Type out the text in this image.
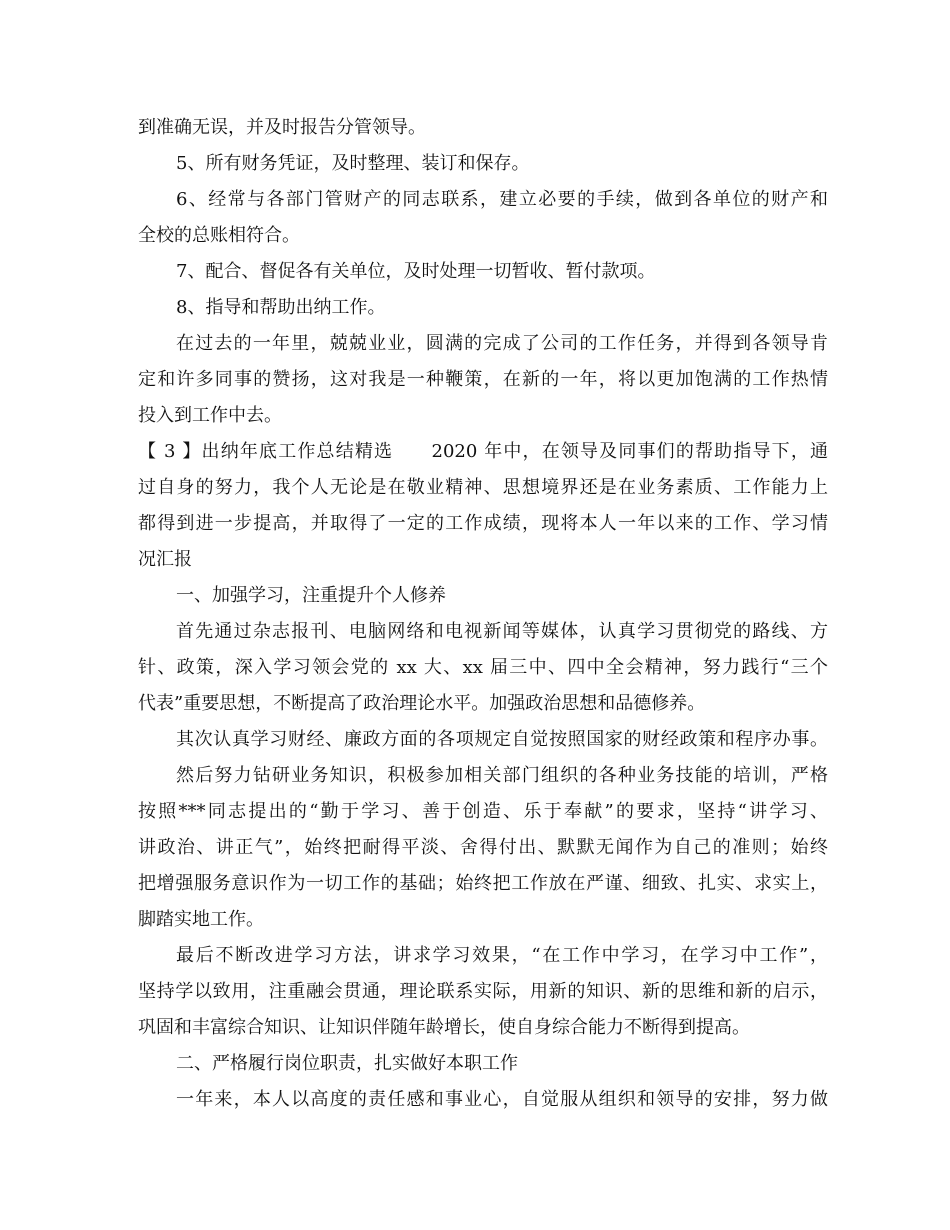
到准确无误，并及时报告分管领导。
5、所有财务凭证，及时整理、装订和保存。
6、经常与各部门管财产的同志联系，建立必要的手续，做到各单位的财产和
全校的总账相符合。
7、配合、督促各有关单位，及时处理一切暂收、暂付款项。
8、指导和帮助出纳工作。
在过去的一年里，兢兢业业，圆满的完成了公司的工作任务，并得到各领导肯
定和许多同事的赞扬，这对我是一种鞭策，在新的一年，将以更加饱满的工作热情
投入到工作中去。
【 3 】出纳年底工作总结精选　　2020 年中，在领导及同事们的帮助指导下，通
过自身的努力，我个人无论是在敬业精神、思想境界还是在业务素质、工作能力上
都得到进一步提高，并取得了一定的工作成绩，现将本人一年以来的工作、学习情
况汇报
一、加强学习，注重提升个人修养
首先通过杂志报刊、电脑网络和电视新闻等媒体，认真学习贯彻党的路线、方
针、政策，深入学习领会党的 xx 大、xx 届三中、四中全会精神，努力践行“三个
代表”重要思想，不断提高了政治理论水平。加强政治思想和品德修养。
其次认真学习财经、廉政方面的各项规定自觉按照国家的财经政策和程序办事。
然后努力钻研业务知识，积极参加相关部门组织的各种业务技能的培训，严格
按照***同志提出的“勤于学习、善于创造、乐于奉献”的要求，坚持“讲学习、
讲政治、讲正气”，始终把耐得平淡、舍得付出、默默无闻作为自己的准则；始终
把增强服务意识作为一切工作的基础；始终把工作放在严谨、细致、扎实、求实上，
脚踏实地工作。
最后不断改进学习方法，讲求学习效果，“在工作中学习，在学习中工作”，
坚持学以致用，注重融会贯通，理论联系实际，用新的知识、新的思维和新的启示，
巩固和丰富综合知识、让知识伴随年龄增长，使自身综合能力不断得到提高。
二、严格履行岗位职责，扎实做好本职工作
一年来，本人以高度的责任感和事业心，自觉服从组织和领导的安排，努力做
